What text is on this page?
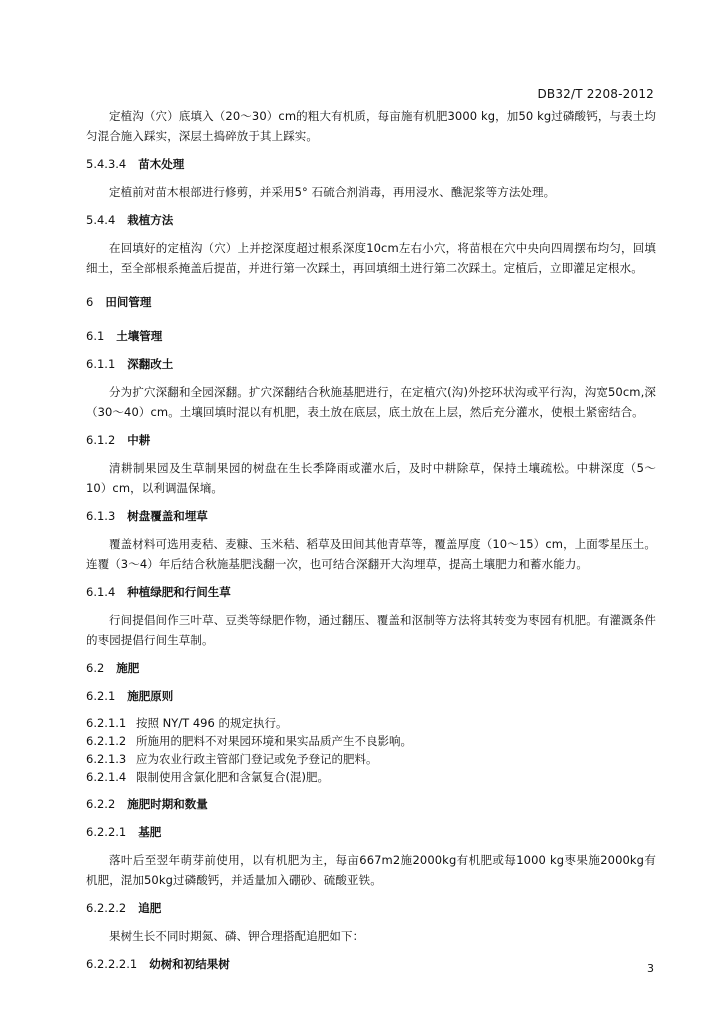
DB32/T 2208-2012

定植沟（穴）底填入（20～30）cm的粗大有机质，每亩施有机肥3000 kg，加50 kg过磷酸钙，与表土均匀混合施入踩实，深层土捣碎放于其上踩实。

5.4.3.4 苗木处理

定植前对苗木根部进行修剪，并采用5° 石硫合剂消毒，再用浸水、醮泥浆等方法处理。

5.4.4 栽植方法

在回填好的定植沟（穴）上并挖深度超过根系深度10cm左右小穴，将苗根在穴中央向四周摆布均匀，回填细土，至全部根系掩盖后提苗，并进行第一次踩土，再回填细土进行第二次踩土。定植后，立即灌足定根水。

6 田间管理
6.1 土壤管理
6.1.1 深翻改土

分为扩穴深翻和全园深翻。扩穴深翻结合秋施基肥进行，在定植穴(沟)外挖环状沟或平行沟，沟宽50cm,深（30～40）cm。土壤回填时混以有机肥，表土放在底层，底土放在上层，然后充分灌水，使根土紧密结合。

6.1.2 中耕

清耕制果园及生草制果园的树盘在生长季降雨或灌水后，及时中耕除草，保持土壤疏松。中耕深度（5～10）cm，以利调温保墒。

6.1.3 树盘覆盖和埋草

覆盖材料可选用麦秸、麦糠、玉米秸、稻草及田间其他青草等，覆盖厚度（10～15）cm，上面零星压土。连覆（3～4）年后结合秋施基肥浅翻一次，也可结合深翻开大沟埋草，提高土壤肥力和蓄水能力。

6.1.4 种植绿肥和行间生草

行间提倡间作三叶草、豆类等绿肥作物，通过翻压、覆盖和沤制等方法将其转变为枣园有机肥。有灌溉条件的枣园提倡行间生草制。

6.2 施肥
6.2.1 施肥原则
6.2.1.1 按照 NY/T 496 的规定执行。
6.2.1.2 所施用的肥料不对果园环境和果实品质产生不良影响。
6.2.1.3 应为农业行政主管部门登记或免予登记的肥料。
6.2.1.4 限制使用含氯化肥和含氯复合(混)肥。
6.2.2 施肥时期和数量
6.2.2.1 基肥

落叶后至翌年萌芽前使用，以有机肥为主，每亩667m2施2000kg有机肥或每1000 kg枣果施2000kg有机肥，混加50kg过磷酸钙，并适量加入硼砂、硫酸亚铁。

6.2.2.2 追肥

果树生长不同时期氮、磷、钾合理搭配追肥如下：

6.2.2.2.1 幼树和初结果树	3
